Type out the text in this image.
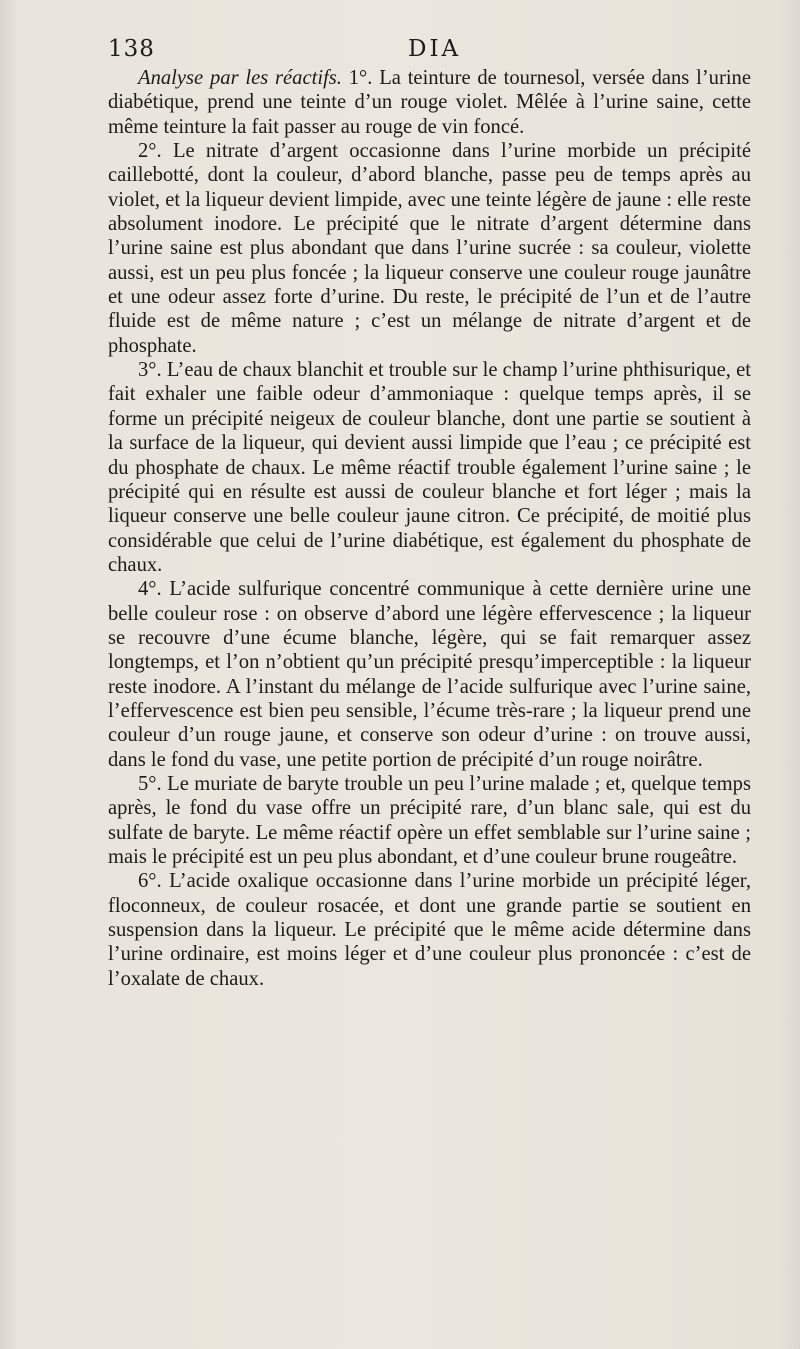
138	DIA

Analyse par les réactifs. 1°. La teinture de tournesol, versée dans l’urine diabétique, prend une teinte d’un rouge violet. Mêlée à l’urine saine, cette même teinture la fait passer au rouge de vin foncé.

2°. Le nitrate d’argent occasionne dans l’urine morbide un précipité caillebotté, dont la couleur, d’abord blanche, passe peu de temps après au violet, et la liqueur devient limpide, avec une teinte légère de jaune : elle reste absolument inodore. Le précipité que le nitrate d’argent détermine dans l’urine saine est plus abondant que dans l’urine sucrée : sa couleur, violette aussi, est un peu plus foncée ; la liqueur conserve une couleur rouge jaunâtre et une odeur assez forte d’urine. Du reste, le précipité de l’un et de l’autre fluide est de même nature ; c’est un mélange de nitrate d’argent et de phosphate.

3°. L’eau de chaux blanchit et trouble sur le champ l’urine phthisurique, et fait exhaler une faible odeur d’ammoniaque : quelque temps après, il se forme un précipité neigeux de couleur blanche, dont une partie se soutient à la surface de la liqueur, qui devient aussi limpide que l’eau ; ce précipité est du phosphate de chaux. Le même réactif trouble également l’urine saine ; le précipité qui en résulte est aussi de couleur blanche et fort léger ; mais la liqueur conserve une belle couleur jaune citron. Ce précipité, de moitié plus considérable que celui de l’urine diabétique, est également du phosphate de chaux.

4°. L’acide sulfurique concentré communique à cette dernière urine une belle couleur rose : on observe d’abord une légère effervescence ; la liqueur se recouvre d’une écume blanche, légère, qui se fait remarquer assez longtemps, et l’on n’obtient qu’un précipité presqu’imperceptible : la liqueur reste inodore. A l’instant du mélange de l’acide sulfurique avec l’urine saine, l’effervescence est bien peu sensible, l’écume très-rare ; la liqueur prend une couleur d’un rouge jaune, et conserve son odeur d’urine : on trouve aussi, dans le fond du vase, une petite portion de précipité d’un rouge noirâtre.

5°. Le muriate de baryte trouble un peu l’urine malade ; et, quelque temps après, le fond du vase offre un précipité rare, d’un blanc sale, qui est du sulfate de baryte. Le même réactif opère un effet semblable sur l’urine saine ; mais le précipité est un peu plus abondant, et d’une couleur brune rougeâtre.

6°. L’acide oxalique occasionne dans l’urine morbide un précipité léger, floconneux, de couleur rosacée, et dont une grande partie se soutient en suspension dans la liqueur. Le précipité que le même acide détermine dans l’urine ordinaire, est moins léger et d’une couleur plus prononcée : c’est de l’oxalate de chaux.
